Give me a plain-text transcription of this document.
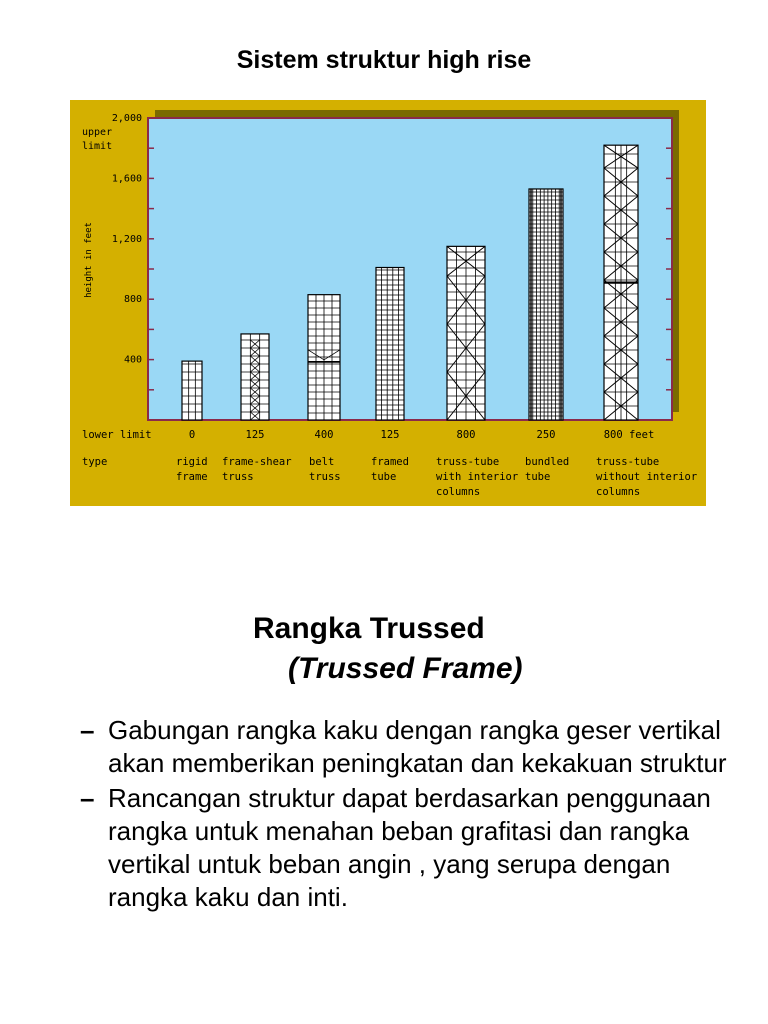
Sistem struktur high rise
400
800
1,200
1,600
2,000
height in feet
upper
limit
lower limit
type
0
rigid
frame
125
frame-shear
truss
400
belt
truss
125
framed
tube
800
truss-tube
with interior
columns
250
bundled
tube
800 feet
truss-tube
without interior
columns
Rangka Trussed
(Trussed Frame)
– Gabungan rangka kaku dengan rangka geser vertikal akan memberikan peningkatan dan kekakuan struktur
– Rancangan struktur dapat berdasarkan penggunaan rangka untuk menahan beban grafitasi dan rangka vertikal untuk beban angin , yang serupa dengan rangka kaku dan inti.
